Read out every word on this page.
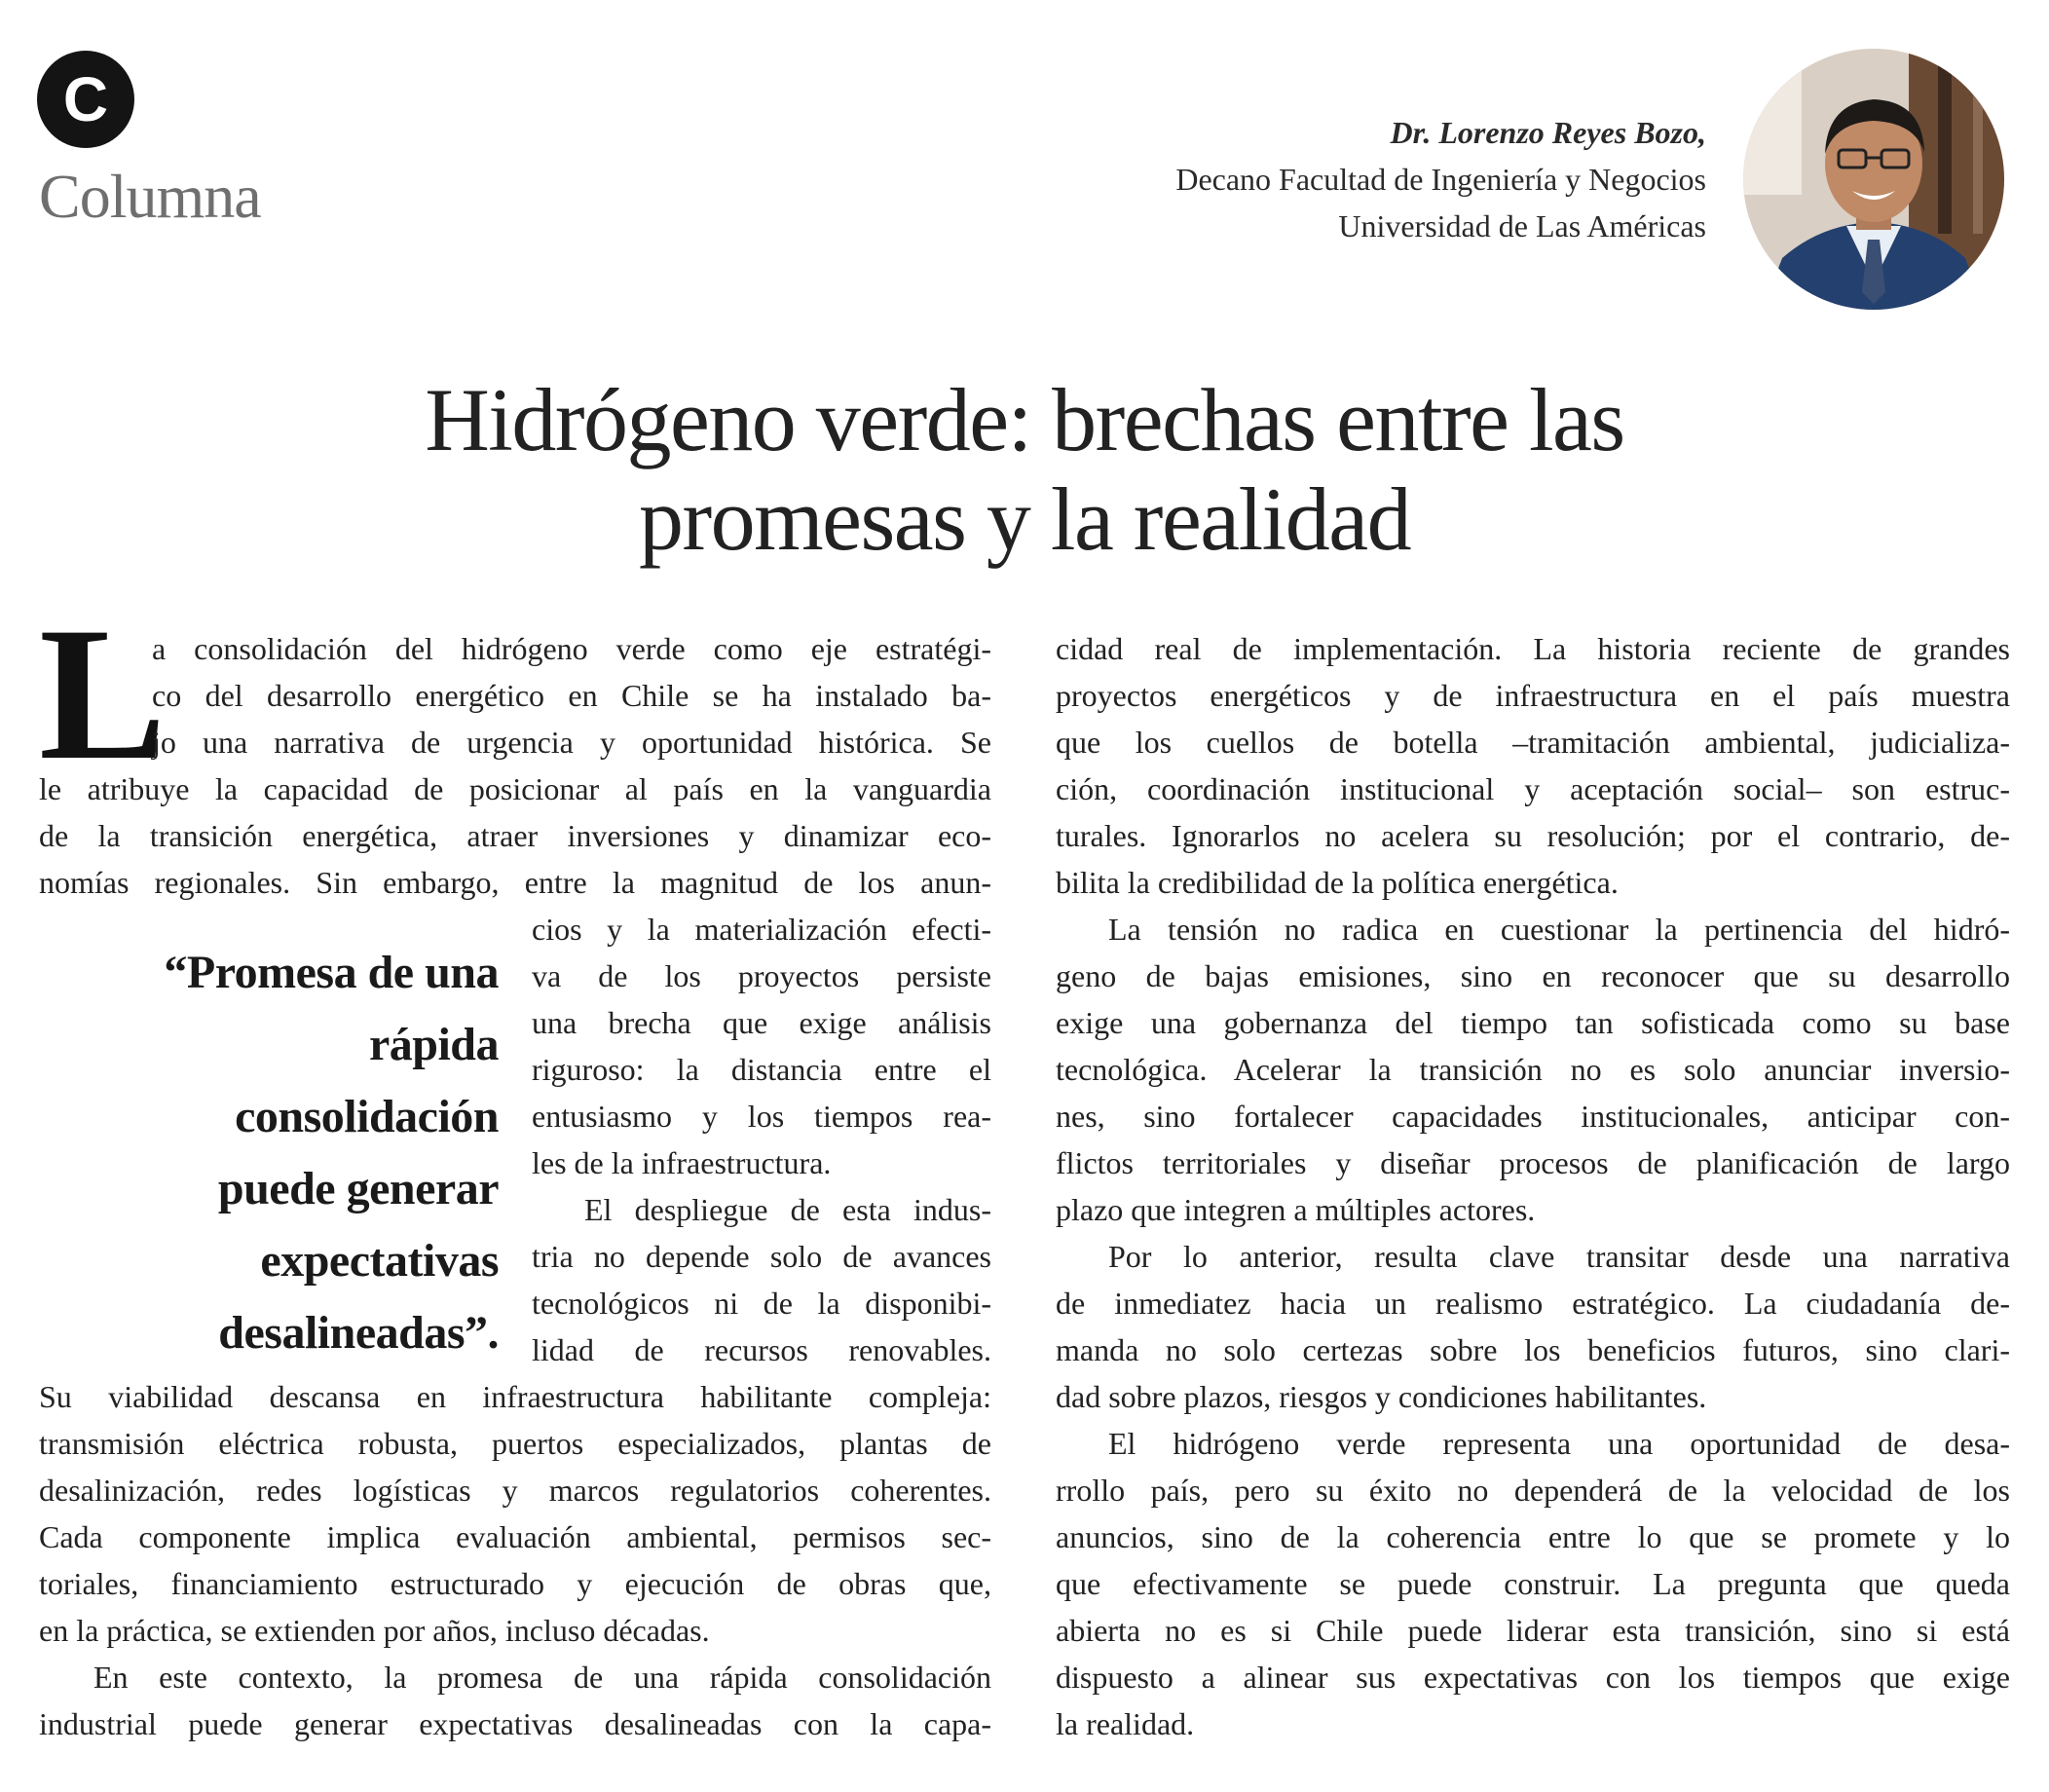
C
Columna
Dr. Lorenzo Reyes Bozo,
Decano Facultad de Ingeniería y Negocios
Universidad de Las Américas
Hidrógeno verde: brechas entre las
promesas y la realidad
L
“Promesa de una rápida consolidación puede generar expectativas desalineadas”.
a consolidación del hidrógeno verde como eje estratégi-
co del desarrollo energético en Chile se ha instalado ba-
jo una narrativa de urgencia y oportunidad histórica. Se
le atribuye la capacidad de posicionar al país en la vanguardia
de la transición energética, atraer inversiones y dinamizar eco-
nomías regionales. Sin embargo, entre la magnitud de los anun-
cios y la materialización efecti-
va de los proyectos persiste
una brecha que exige análisis
riguroso: la distancia entre el
entusiasmo y los tiempos rea-
les de la infraestructura.
El despliegue de esta indus-
tria no depende solo de avances
tecnológicos ni de la disponibi-
lidad de recursos renovables.
Su viabilidad descansa en infraestructura habilitante compleja:
transmisión eléctrica robusta, puertos especializados, plantas de
desalinización, redes logísticas y marcos regulatorios coherentes.
Cada componente implica evaluación ambiental, permisos sec-
toriales, financiamiento estructurado y ejecución de obras que,
en la práctica, se extienden por años, incluso décadas.
En este contexto, la promesa de una rápida consolidación
industrial puede generar expectativas desalineadas con la capa-
cidad real de implementación. La historia reciente de grandes
proyectos energéticos y de infraestructura en el país muestra
que los cuellos de botella –tramitación ambiental, judicializa-
ción, coordinación institucional y aceptación social– son estruc-
turales. Ignorarlos no acelera su resolución; por el contrario, de-
bilita la credibilidad de la política energética.
La tensión no radica en cuestionar la pertinencia del hidró-
geno de bajas emisiones, sino en reconocer que su desarrollo
exige una gobernanza del tiempo tan sofisticada como su base
tecnológica. Acelerar la transición no es solo anunciar inversio-
nes, sino fortalecer capacidades institucionales, anticipar con-
flictos territoriales y diseñar procesos de planificación de largo
plazo que integren a múltiples actores.
Por lo anterior, resulta clave transitar desde una narrativa
de inmediatez hacia un realismo estratégico. La ciudadanía de-
manda no solo certezas sobre los beneficios futuros, sino clari-
dad sobre plazos, riesgos y condiciones habilitantes.
El hidrógeno verde representa una oportunidad de desa-
rrollo país, pero su éxito no dependerá de la velocidad de los
anuncios, sino de la coherencia entre lo que se promete y lo
que efectivamente se puede construir. La pregunta que queda
abierta no es si Chile puede liderar esta transición, sino si está
dispuesto a alinear sus expectativas con los tiempos que exige
la realidad.
